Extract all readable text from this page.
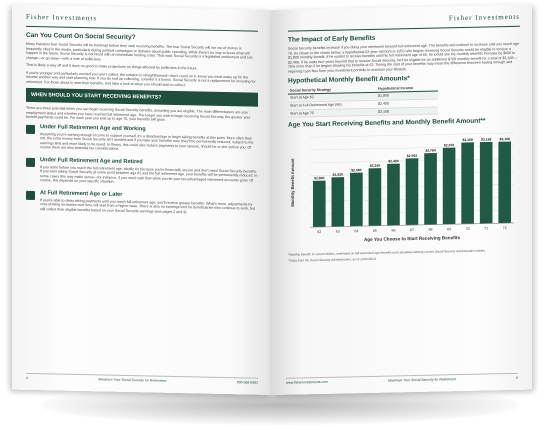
Fisher Investments
Can You Count On Social Security?

Many investors fear Social Security will be bankrupt before they start receiving benefits. The fear Social Security will run out of money is frequently cited in the media, particularly during political campaigns or debates about public spending. While there's no way to know what will happen in the future, Social Security is not faced with an immediate funding crisis. That said, Social Security is a legislated entitlement and can change—or go away—with a vote of politicians.

That is likely a way off and it does no good to make projections on things affected by politicians in the future.

If you're younger and particularly worried you won't collect, the solution is straightforward—don't count on it. Know you must make up for the income another way and start planning now. If you do end up collecting, consider it a bonus. Social Security is not a replacement for investing for retirement. For those about to start their benefits, let's take a look at when you should start to collect.

WHEN SHOULD YOU START RECEIVING BENEFITS?

There are three potential times you can begin receiving Social Security benefits, assuming you are eligible. The main differentiators are your employment status and whether you have reached full retirement age. The longer you wait to begin receiving Social Security, the greater your benefit payments could be. For each year you wait up to age 70, your benefits will grow.

Under Full Retirement Age and Working

Assuming you're earning enough income to support yourself, it's a disadvantage to begin taking benefits at this point. More often than not, the extra money from Social Security isn't needed and if you take your benefits now, they'll be permanently reduced, subject to the earnings limit and more likely to be taxed. In theory, this could also reduce payments to your spouse, should he or she outlive you. Of course there are also potential tax considerations.

Under Full Retirement Age and Retired

If you retire before you reach the full retirement age, ideally it's because you're financially secure and don't need Social Security benefits. If you start taking Social Security at some point between age 62 and the full retirement age, your benefits will be permanently reduced. In some cases this may make sense—for instance, if you need cash flow while you let your tax-advantaged retirement accounts grow. Of course, this depends on your specific situation.

At Full Retirement Age or Later

If you're able to delay taking payments until you reach full retirement age, you'll receive greater benefits. What's more, adjustments for cost-of-living increases over time will start from a higher base. There is also no earnings limit for beneficiaries who continue to work, but still collect their eligible benefits based on your Social Security earnings (see pages 2 and 9).

4	Maximize Your Social Security for Retirement	800-568-5882
Fisher Investments
The Impact of Early Benefits

Social Security benefits increase if you delay your retirement beyond full retirement age. The benefits will continue to increase until you reach age 70. As shown in the charts below, a hypothetical 62-year-old born in 1953 who begins receiving Social Security would be eligible to receive a $1,800 monthly benefit. If he waited to receive benefits until his full retirement age of 66, he would see his monthly benefits increase by $600 to $2,400. If he waits four years beyond that to receive Social Security, he'll be eligible for an additional $768 monthly benefit for a total of $3,168—76% more than if he begins drawing his benefits at 62. Timing the start of your benefits may mean the difference between having enough and requiring cash flow from your investment portfolio to maintain your lifestyle.

Hypothetical Monthly Benefit Amounts*
Social Security Strategy	Hypothetical Income
Start at Age 62	$1,800
Start at Full Retirement Age (66)	$2,400
Start at Age 70	$3,168
Age You Start Receiving Benefits and Monthly Benefit Amount**
Monthly Benefit Amount	$1,800
62
$1,920
63
$2,080
64
$2,240
65
$2,400
66
$2,592
67
$2,784
68
$2,976
69
$3,168
70
$3,168
71
$3,168
72
Age You Choose to Start Receiving Benefits

*Monthly benefit, in current dollars, estimated on full retirement age benefits and calculated utilizing current Social Security Administration tables.

**Data from the Social Security Administration, as of 12/31/2014.

www.fisherinvestments.com	Maximize Your Social Security for Retirement	5
